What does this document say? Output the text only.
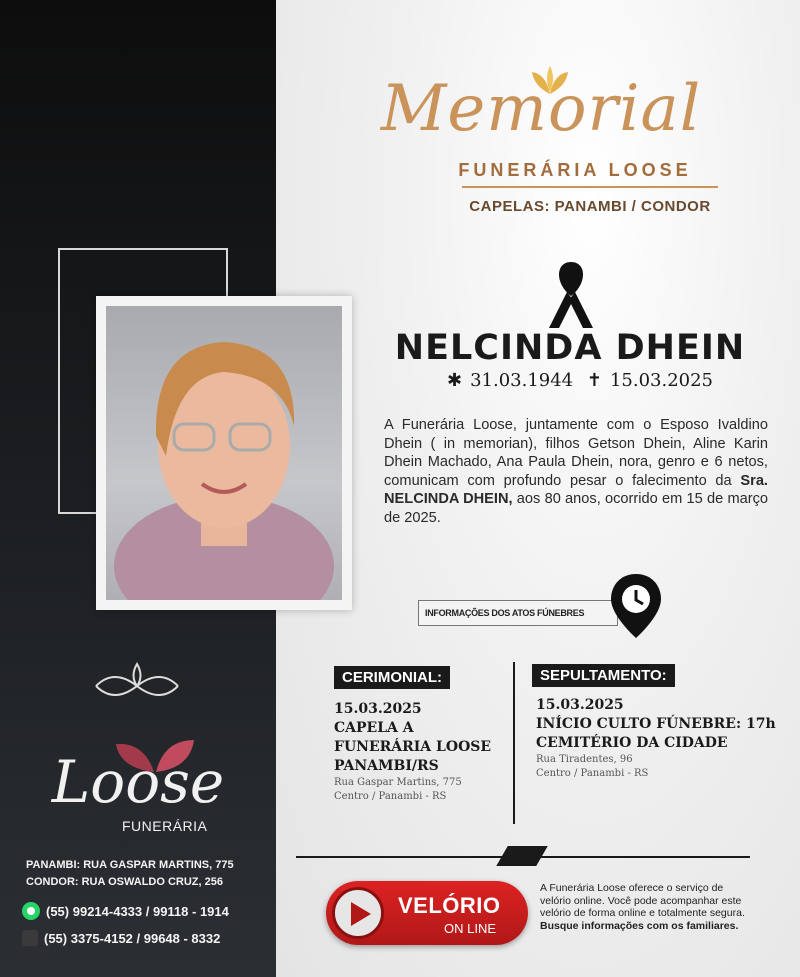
Memorial
FUNERÁRIA LOOSE
CAPELAS: PANAMBI / CONDOR
NELCINDA DHEIN
✱ 31.03.1944 ✝ 15.03.2025
A Funerária Loose, juntamente com o Esposo Ivaldino Dhein ( in memorian), filhos Getson Dhein, Aline Karin Dhein Machado, Ana Paula Dhein, nora, genro e 6 netos, comunicam com profundo pesar o falecimento da Sra. NELCINDA DHEIN, aos 80 anos, ocorrido em 15 de março de 2025.
INFORMAÇÕES DOS ATOS FÚNEBRES
CERIMONIAL:
15.03.2025
CAPELA A
FUNERÁRIA LOOSE
PANAMBI/RS
Rua Gaspar Martins, 775
Centro / Panambi - RS
SEPULTAMENTO:
15.03.2025
INÍCIO CULTO FÚNEBRE: 17h
CEMITÉRIO DA CIDADE
Rua Tiradentes, 96
Centro / Panambi - RS
VELÓRIO
ON LINE
A Funerária Loose oferece o serviço de velório online. Você pode acompanhar este velório de forma online e totalmente segura. Busque informações com os familiares.
Loose
FUNERÁRIA
PANAMBI: RUA GASPAR MARTINS, 775
CONDOR: RUA OSWALDO CRUZ, 256
(55) 99214-4333 / 99118 - 1914
(55) 3375-4152 / 99648 - 8332
